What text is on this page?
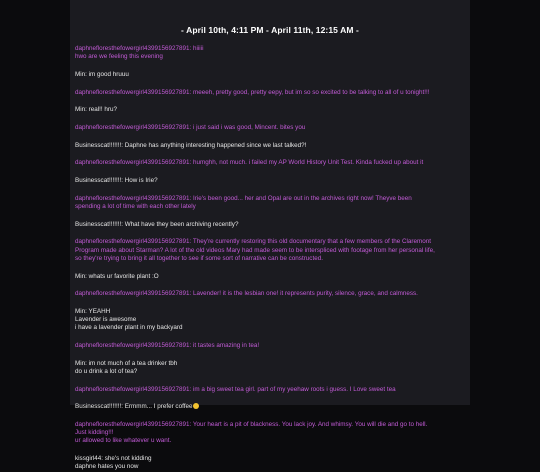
- April 10th, 4:11 PM - April 11th, 12:15 AM -
daphnefloresthefowergirl4399156927891: hiiiii
hwo are we feeling this evening
Min: im good hruuu
daphnefloresthefowergirl4399156927891: meeeh, pretty good, pretty eepy, but im so so excited to be talking to all of u tonight!!!
Min: real!! hru?
daphnefloresthefowergirl4399156927891: i just said i was good, Mincent. bites you
Businesscat!!!!!!!: Daphne has anything interesting happened since we last talked?!
daphnefloresthefowergirl4399156927891: humghh, not much. i failed my AP World History Unit Test. Kinda fucked up about it
Businesscat!!!!!!!: How is Irie?
daphnefloresthefowergirl4399156927891: Irie's been good... her and Opal are out in the archives right now! Theyve been
spending a lot of time with each other lately
Businesscat!!!!!!!: What have they been archiving recently?
daphnefloresthefowergirl4399156927891: They're currently restoring this old documentary that a few members of the Claremont
Program made about Starman? A lot of the old videos Mary had made seem to be interspliced with footage from her personal life,
so they're trying to bring it all together to see if some sort of narrative can be constructed.
Min: whats ur favorite plant :O
daphnefloresthefowergirl4399156927891: Lavender! it is the lesbian one! it represents purity, silence, grace, and calmness.
Min: YEAHH
Lavender is awesome
i have a lavender plant in my backyard
daphnefloresthefowergirl4399156927891: it tastes amazing in tea!
Min: im not much of a tea drinker tbh
do u drink a lot of tea?
daphnefloresthefowergirl4399156927891: im a big sweet tea girl. part of my yeehaw roots i guess. I Love sweet tea
Businesscat!!!!!!!: Ermmm... I prefer coffee
daphnefloresthefowergirl4399156927891: Your heart is a pit of blackness. You lack joy. And whimsy. You will die and go to hell.
Just kidding!!!
ur allowed to like whatever u want.
kissgirl44: she's not kidding
daphne hates you now
